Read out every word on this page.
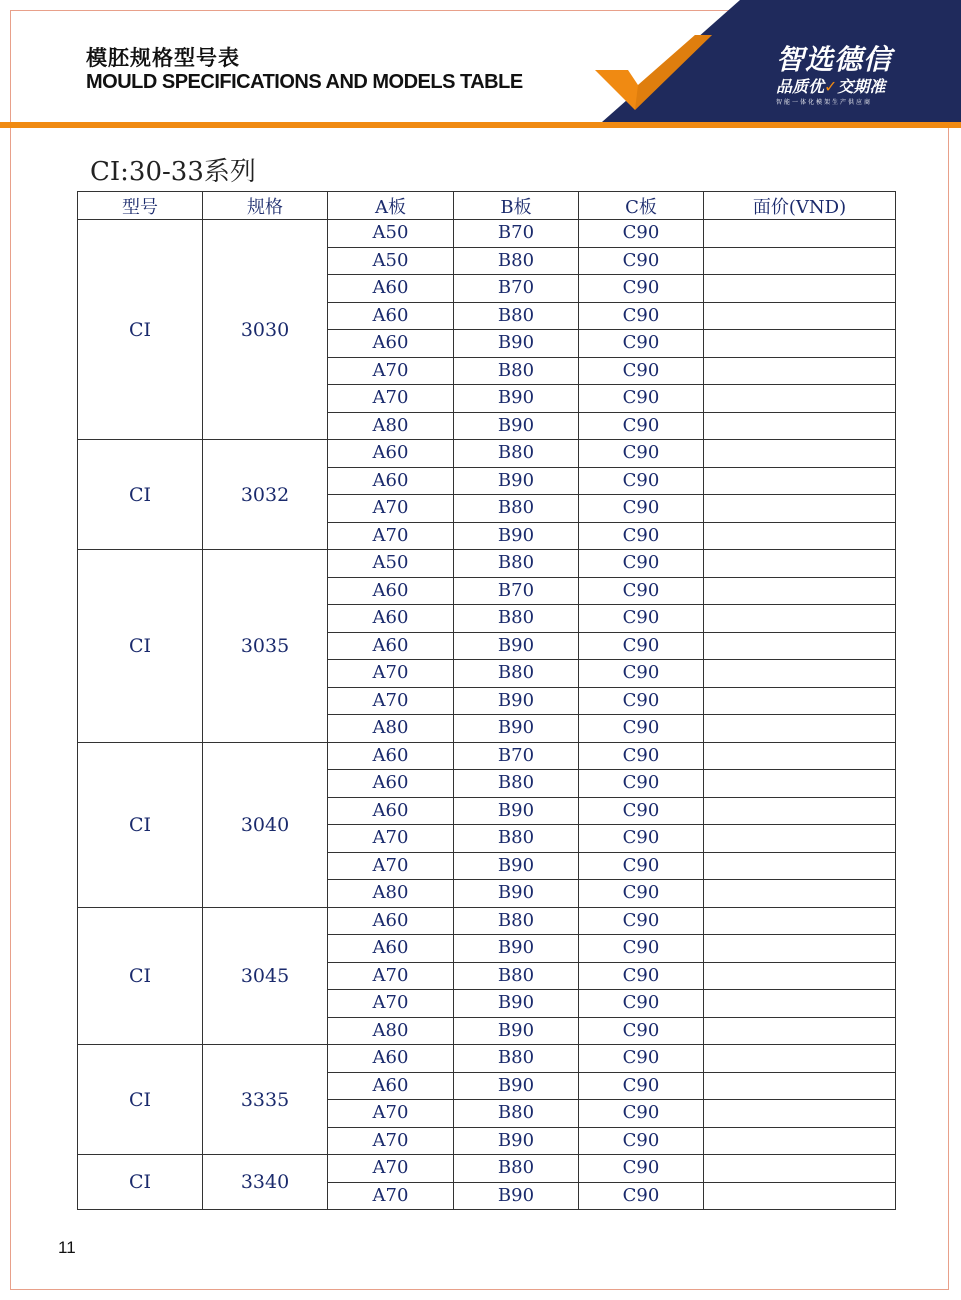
模胚规格型号表
MOULD SPECIFICATIONS AND MODELS TABLE
智选德信
品质优✓交期准
智能一体化模架生产供应商
CI:30-33系列
型号	规格	A板	B板	C板	面价(VND)
CI	3030	A50	B70	C90	
		A50	B80	C90	
		A60	B70	C90	
		A60	B80	C90	
		A60	B90	C90	
		A70	B80	C90	
		A70	B90	C90	
		A80	B90	C90	
CI	3032	A60	B80	C90	
		A60	B90	C90	
		A70	B80	C90	
		A70	B90	C90	
CI	3035	A50	B80	C90	
		A60	B70	C90	
		A60	B80	C90	
		A60	B90	C90	
		A70	B80	C90	
		A70	B90	C90	
		A80	B90	C90	
CI	3040	A60	B70	C90	
		A60	B80	C90	
		A60	B90	C90	
		A70	B80	C90	
		A70	B90	C90	
		A80	B90	C90	
CI	3045	A60	B80	C90	
		A60	B90	C90	
		A70	B80	C90	
		A70	B90	C90	
		A80	B90	C90	
CI	3335	A60	B80	C90	
		A60	B90	C90	
		A70	B80	C90	
		A70	B90	C90	
CI	3340	A70	B80	C90	
		A70	B90	C90	
11
